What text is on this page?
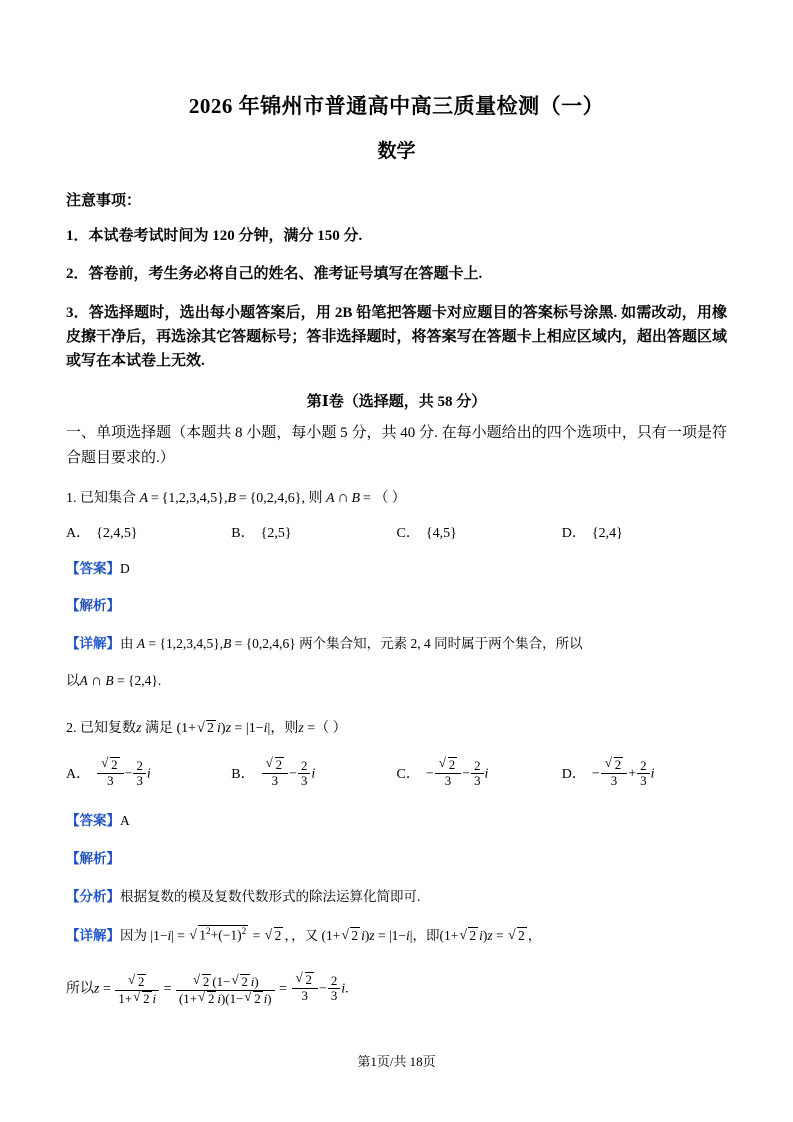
2026 年锦州市普通高中高三质量检测（一）
数学
注意事项：
1．本试卷考试时间为 120 分钟，满分 150 分.
2．答卷前，考生务必将自己的姓名、准考证号填写在答题卡上.
3．答选择题时，选出每小题答案后，用 2B 铅笔把答题卡对应题目的答案标号涂黑. 如需改动，用橡皮擦干净后，再选涂其它答题标号；答非选择题时，将答案写在答题卡上相应区域内，超出答题区域或写在本试卷上无效.
第Ⅰ卷（选择题，共 58 分）
一、单项选择题（本题共 8 小题，每小题 5 分，共 40 分. 在每小题给出的四个选项中，只有一项是符合题目要求的.）
1. 已知集合 A = {1,2,3,4,5},B = {0,2,4,6}, 则 A  ∩  B = （ ）
A． {2,4,5}	B． {2,5}	C． {4,5}	D． {2,4}
【答案】D
【解析】
【详解】由 A = {1,2,3,4,5},B = {0,2,4,6} 两个集合知，元素 2, 4 同时属于两个集合，所以
以A ∩ B = {2,4}.
2. 已知复数z 满足 (1+ √ 2 i)z = |1−i|，则z =（ ）
A． √ $\frac{2}{3} - \frac{2}{3}$ i	B． √ $\frac{2}{3} - \frac{2}{3}$ i	C． − √ $\frac{2}{3} - \frac{2}{3}$ i	D． − √ $\frac{2}{3} + \frac{2}{3}$ i
【答案】A
【解析】
【分析】根据复数的模及复数代数形式的除法运算化简即可.
【详解】因为 |1−i| = √ $1^2+(-1)^2$ = √ 2 ，，又 (1+ √ 2 i)z = |1−i|，即(1+ √ 2 i)z = √ 2 ，
所以z = √ $\frac{2}{1+ √ 2 i}$ = √ $\frac{2 (1- √ 2 i)}{(1+ √ 2 i)(1- √ 2 i)}$ = √ $\frac{2}{3} - \frac{2}{3} i$.
第1页/共 18页
